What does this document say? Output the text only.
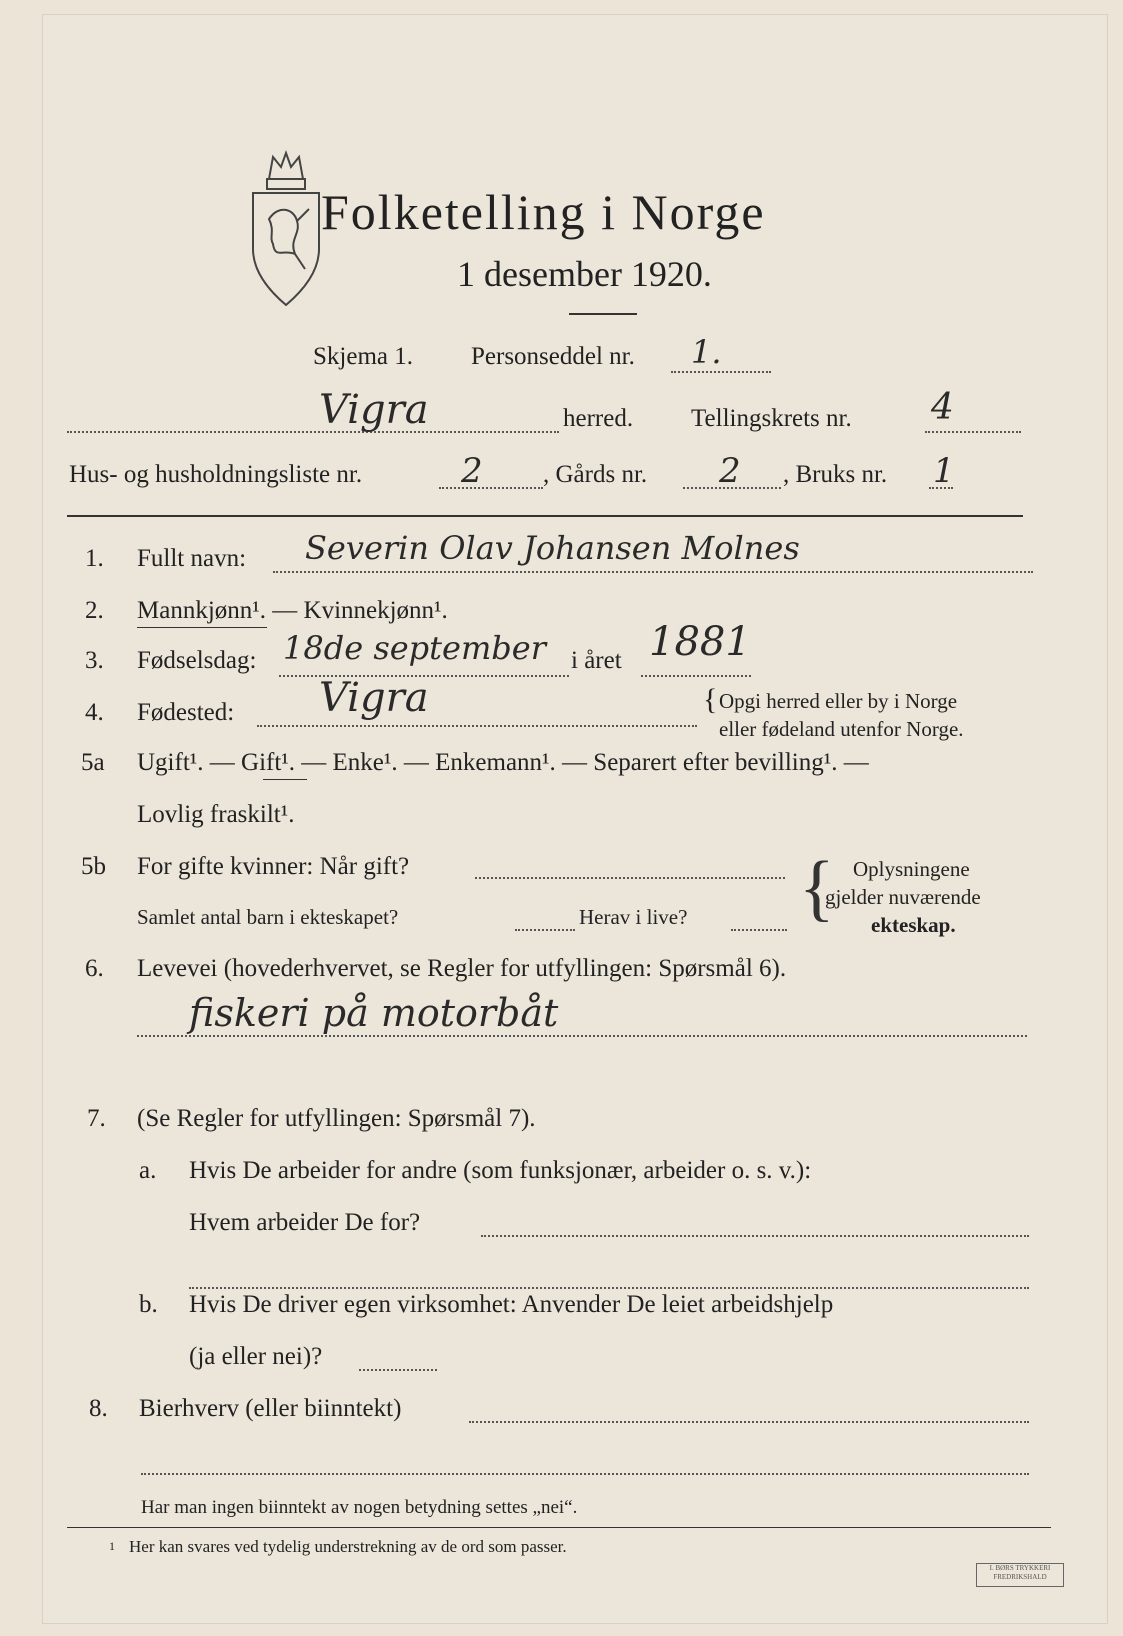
Folketelling i Norge
1 desember 1920.
Skjema 1. Personseddel nr. 1.
Vigra	herred. Tellingskrets nr. 4
Hus- og husholdningsliste nr.	2 , Gårds nr. 2 , Bruks nr. 1
1. Fullt navn: Severin Olav Johansen Molnes
2. Mannkjønn¹. — Kvinnekjønn¹.
3. Fødselsdag: 18de september i året 1881
4. Fødested: Vigra	{ Opgi herred eller by i Norge
eller fødeland utenfor Norge.
5a Ugift¹. — Gift¹. — Enke¹. — Enkemann¹. — Separert efter bevilling¹. —
Lovlig fraskilt¹.
5b For gifte kvinner: Når gift?
Samlet antal barn i ekteskapet?	Herav i live? { Oplysningene
gjelder nuværende
ekteskap.
6. Levevei (hovederhvervet, se Regler for utfyllingen: Spørsmål 6).
fiskeri på motorbåt
7. (Se Regler for utfyllingen: Spørsmål 7).
a. Hvis De arbeider for andre (som funksjonær, arbeider o. s. v.):
Hvem arbeider De for?
b. Hvis De driver egen virksomhet: Anvender De leiet arbeidshjelp
(ja eller nei)?
8. Bierhverv (eller biinntekt)
Har man ingen biinntekt av nogen betydning settes „nei“.
1 Her kan svares ved tydelig understrekning av de ord som passer.
I. BØRS TRYKKERI
FREDRIKSHALD
